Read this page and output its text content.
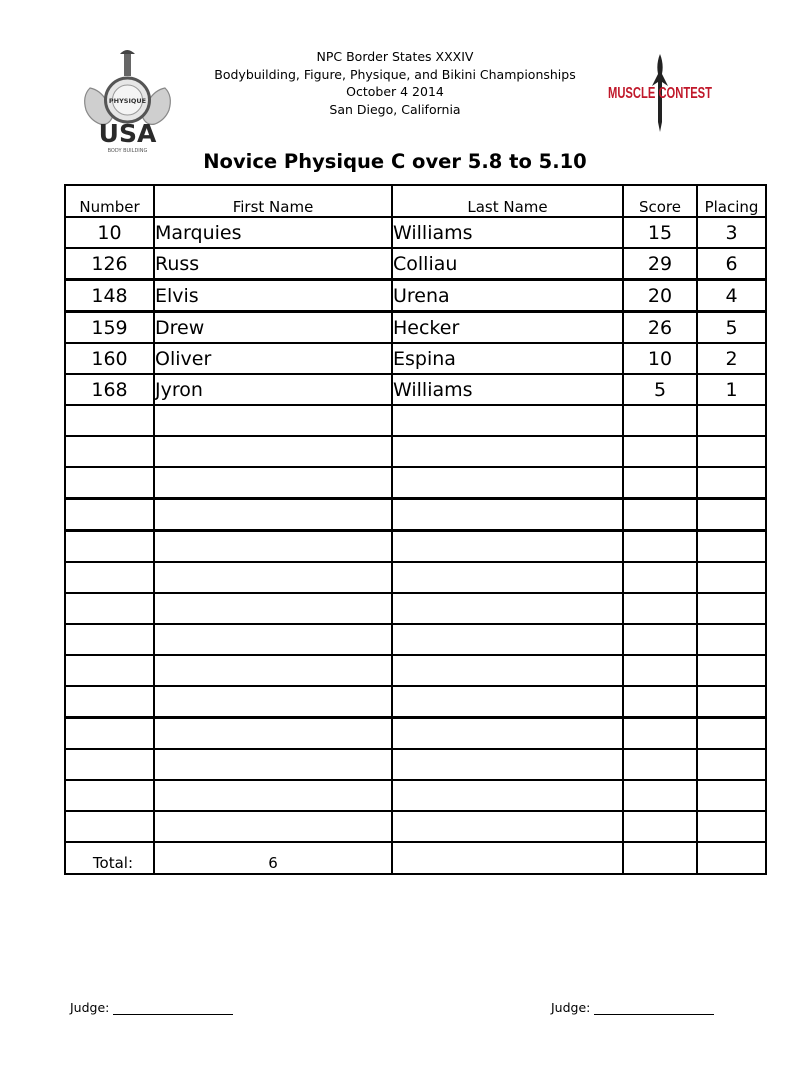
NPC Border States XXXIV
Bodybuilding, Figure, Physique, and Bikini Championships
October 4 2014
San Diego, California
PHYSIQUE
USA
BODY BUILDING
MUSCLE CONTEST
Novice Physique C over 5.8 to 5.10
Number	First Name	Last Name	Score	Placing
10	Marquies	Williams	15	3
126	Russ	Colliau	29	6
148	Elvis	Urena	20	4
159	Drew	Hecker	26	5
160	Oliver	Espina	10	2
168	Jyron	Williams	5	1

Total:	6			
Judge:	Judge:
